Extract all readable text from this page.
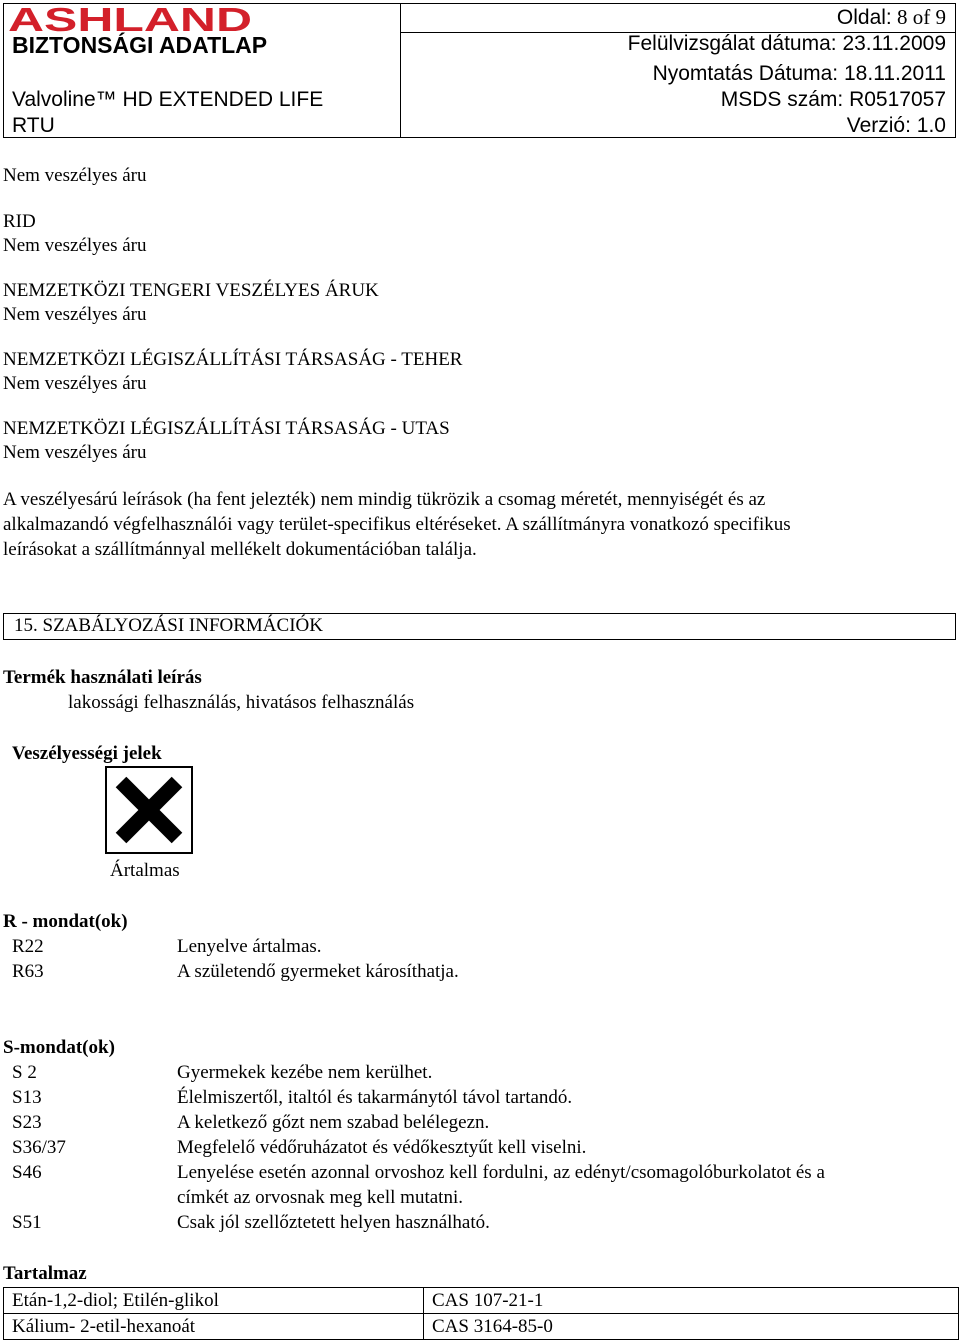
ASHLAND
BIZTONSÁGI ADATLAP
Valvoline™ HD EXTENDED LIFE
RTU
Oldal: 8 of 9
Felülvizsgálat dátuma: 23.11.2009
Nyomtatás Dátuma: 18.11.2011
MSDS szám: R0517057
Verzió: 1.0
Nem veszélyes áru
RID
Nem veszélyes áru
NEMZETKÖZI TENGERI VESZÉLYES ÁRUK
Nem veszélyes áru
NEMZETKÖZI LÉGISZÁLLÍTÁSI TÁRSASÁG - TEHER
Nem veszélyes áru
NEMZETKÖZI LÉGISZÁLLÍTÁSI TÁRSASÁG - UTAS
Nem veszélyes áru
A veszélyesárú leírások (ha fent jelezték) nem mindig tükrözik a csomag méretét, mennyiségét és az
alkalmazandó végfelhasználói vagy terület-specifikus eltéréseket. A szállítmányra vonatkozó specifikus
leírásokat a szállítmánnyal mellékelt dokumentációban találja.
15. SZABÁLYOZÁSI INFORMÁCIÓK
Termék használati leírás
lakossági felhasználás, hivatásos felhasználás
Veszélyességi jelek
Ártalmas
R - mondat(ok)
R22	Lenyelve ártalmas.
R63	A születendő gyermeket károsíthatja.
S-mondat(ok)
S 2	Gyermekek kezébe nem kerülhet.
S13	Élelmiszertől, italtól és takarmánytól távol tartandó.
S23	A keletkező gőzt nem szabad belélegezn.
S36/37	Megfelelő védőruházatot és védőkesztyűt kell viselni.
S46	Lenyelése esetén azonnal orvoshoz kell fordulni, az edényt/csomagolóburkolatot és a
címkét az orvosnak meg kell mutatni.
S51	Csak jól szellőztetett helyen használható.
Tartalmaz
Etán-1,2-diol; Etilén-glikol	CAS 107-21-1
Kálium- 2-etil-hexanoát	CAS 3164-85-0
